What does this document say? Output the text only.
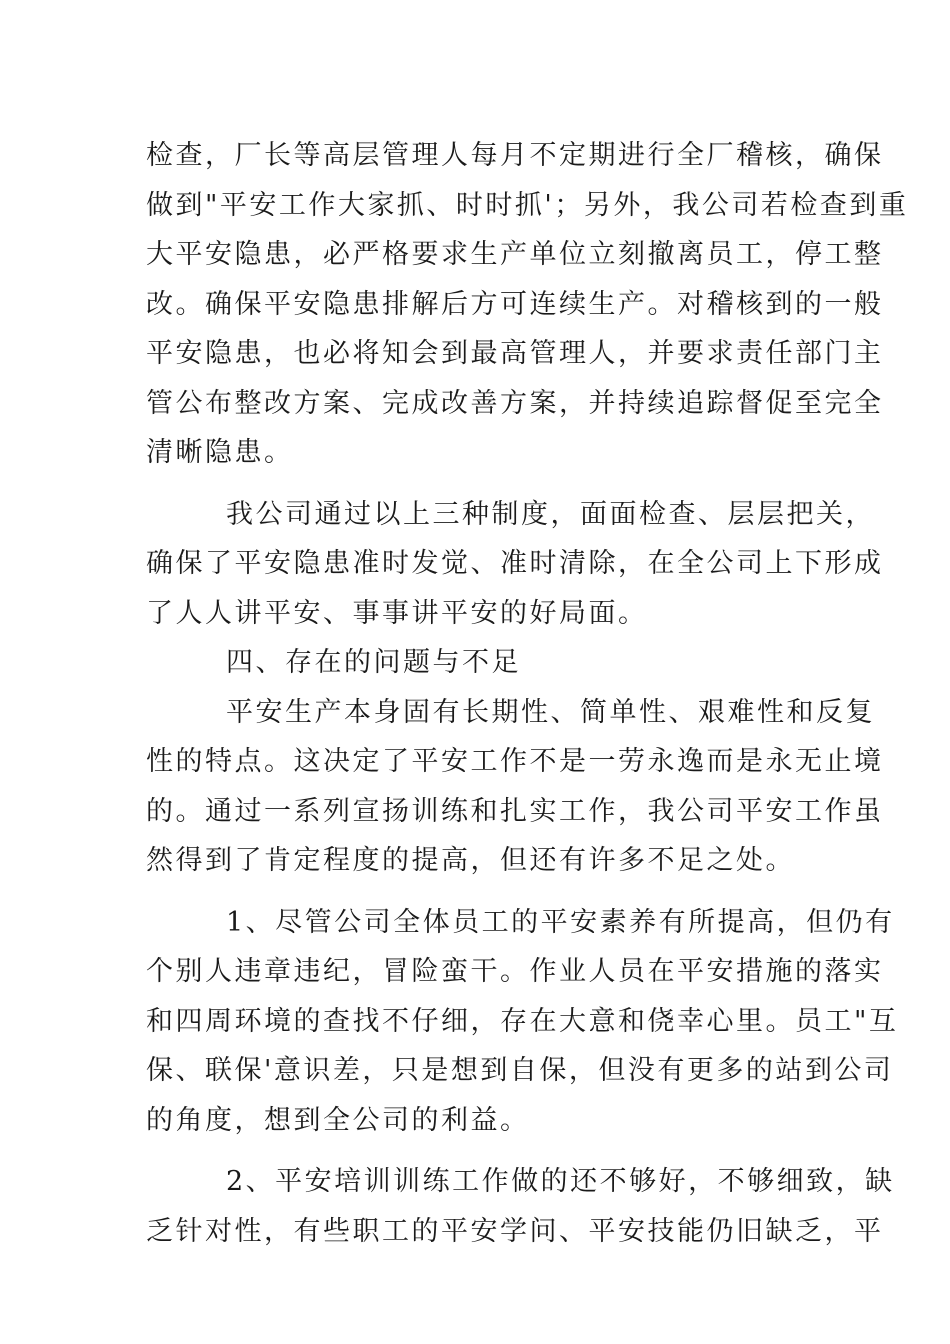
检查，厂长等高层管理人每月不定期进行全厂稽核，确保
做到"平安工作大家抓、时时抓'；另外，我公司若检查到重
大平安隐患，必严格要求生产单位立刻撤离员工，停工整
改。确保平安隐患排解后方可连续生产。对稽核到的一般
平安隐患，也必将知会到最高管理人，并要求责任部门主
管公布整改方案、完成改善方案，并持续追踪督促至完全
清晰隐患。
我公司通过以上三种制度，面面检查、层层把关，
确保了平安隐患准时发觉、准时清除，在全公司上下形成
了人人讲平安、事事讲平安的好局面。
四、存在的问题与不足
平安生产本身固有长期性、简单性、艰难性和反复
性的特点。这决定了平安工作不是一劳永逸而是永无止境
的。通过一系列宣扬训练和扎实工作，我公司平安工作虽
然得到了肯定程度的提高，但还有许多不足之处。
1、尽管公司全体员工的平安素养有所提高，但仍有
个别人违章违纪，冒险蛮干。作业人员在平安措施的落实
和四周环境的查找不仔细，存在大意和侥幸心里。员工"互
保、联保'意识差，只是想到自保，但没有更多的站到公司
的角度，想到全公司的利益。
2、平安培训训练工作做的还不够好，不够细致，缺
乏针对性，有些职工的平安学问、平安技能仍旧缺乏，平
